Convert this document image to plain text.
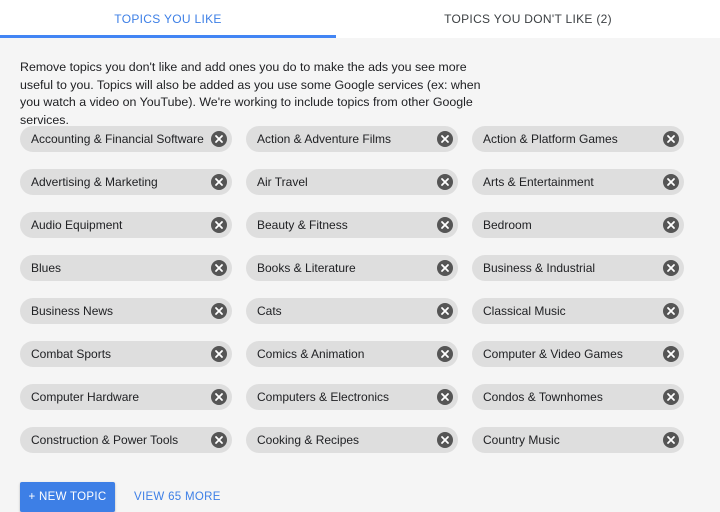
TOPICS YOU LIKE	TOPICS YOU DON'T LIKE (2)
Remove topics you don't like and add ones you do to make the ads you see more useful to you. Topics will also be added as you use some Google services (ex: when you watch a video on YouTube). We're working to include topics from other Google services.
Accounting & Financial Software	Action & Adventure Films	Action & Platform Games
Advertising & Marketing	Air Travel	Arts & Entertainment
Audio Equipment	Beauty & Fitness	Bedroom
Blues	Books & Literature	Business & Industrial
Business News	Cats	Classical Music
Combat Sports	Comics & Animation	Computer & Video Games
Computer Hardware	Computers & Electronics	Condos & Townhomes
Construction & Power Tools	Cooking & Recipes	Country Music
+ NEW TOPIC	VIEW 65 MORE
